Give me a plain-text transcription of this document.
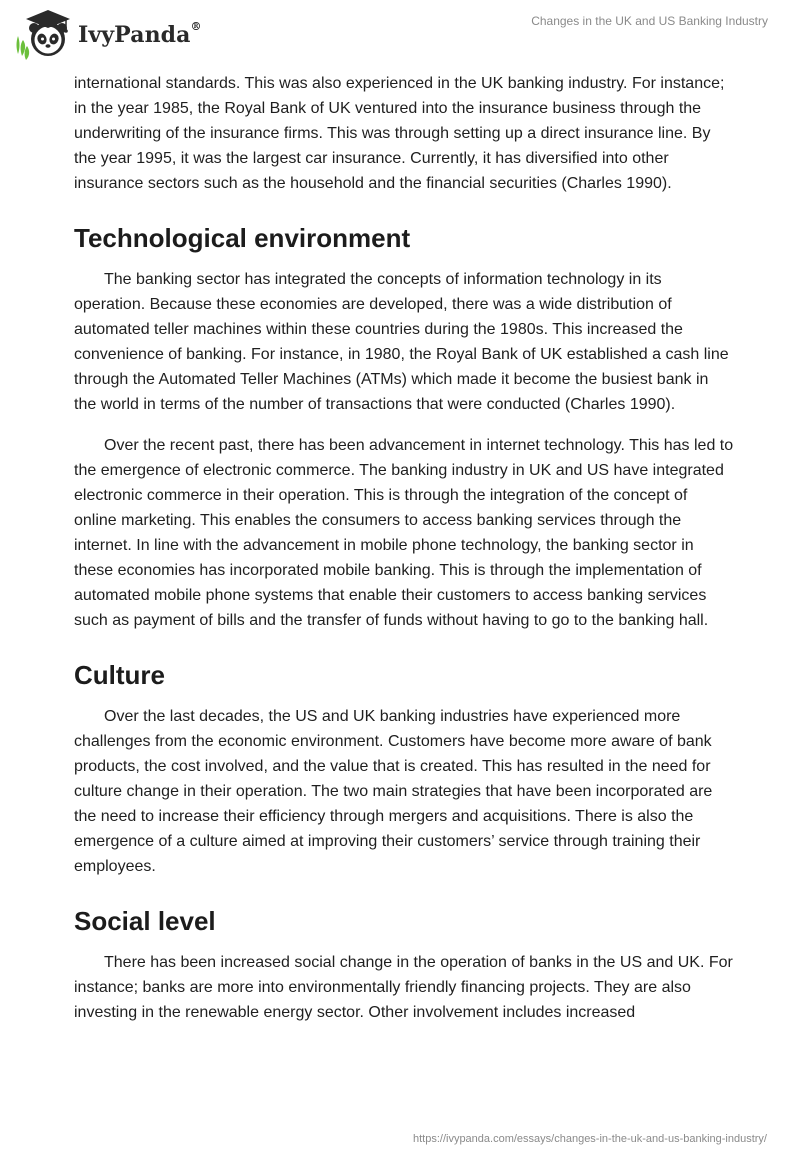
IvyPanda®	Changes in the UK and US Banking Industry

international standards. This was also experienced in the UK banking industry. For instance; in the year 1985, the Royal Bank of UK ventured into the insurance business through the underwriting of the insurance firms. This was through setting up a direct insurance line. By the year 1995, it was the largest car insurance. Currently, it has diversified into other insurance sectors such as the household and the financial securities (Charles 1990).

Technological environment

The banking sector has integrated the concepts of information technology in its operation. Because these economies are developed, there was a wide distribution of automated teller machines within these countries during the 1980s. This increased the convenience of banking. For instance, in 1980, the Royal Bank of UK established a cash line through the Automated Teller Machines (ATMs) which made it become the busiest bank in the world in terms of the number of transactions that were conducted (Charles 1990).

Over the recent past, there has been advancement in internet technology. This has led to the emergence of electronic commerce. The banking industry in UK and US have integrated electronic commerce in their operation. This is through the integration of the concept of online marketing. This enables the consumers to access banking services through the internet. In line with the advancement in mobile phone technology, the banking sector in these economies has incorporated mobile banking. This is through the implementation of automated mobile phone systems that enable their customers to access banking services such as payment of bills and the transfer of funds without having to go to the banking hall.

Culture

Over the last decades, the US and UK banking industries have experienced more challenges from the economic environment. Customers have become more aware of bank products, the cost involved, and the value that is created. This has resulted in the need for culture change in their operation. The two main strategies that have been incorporated are the need to increase their efficiency through mergers and acquisitions. There is also the emergence of a culture aimed at improving their customers’ service through training their employees.

Social level

There has been increased social change in the operation of banks in the US and UK. For instance; banks are more into environmentally friendly financing projects. They are also investing in the renewable energy sector. Other involvement includes increased

https://ivypanda.com/essays/changes-in-the-uk-and-us-banking-industry/
